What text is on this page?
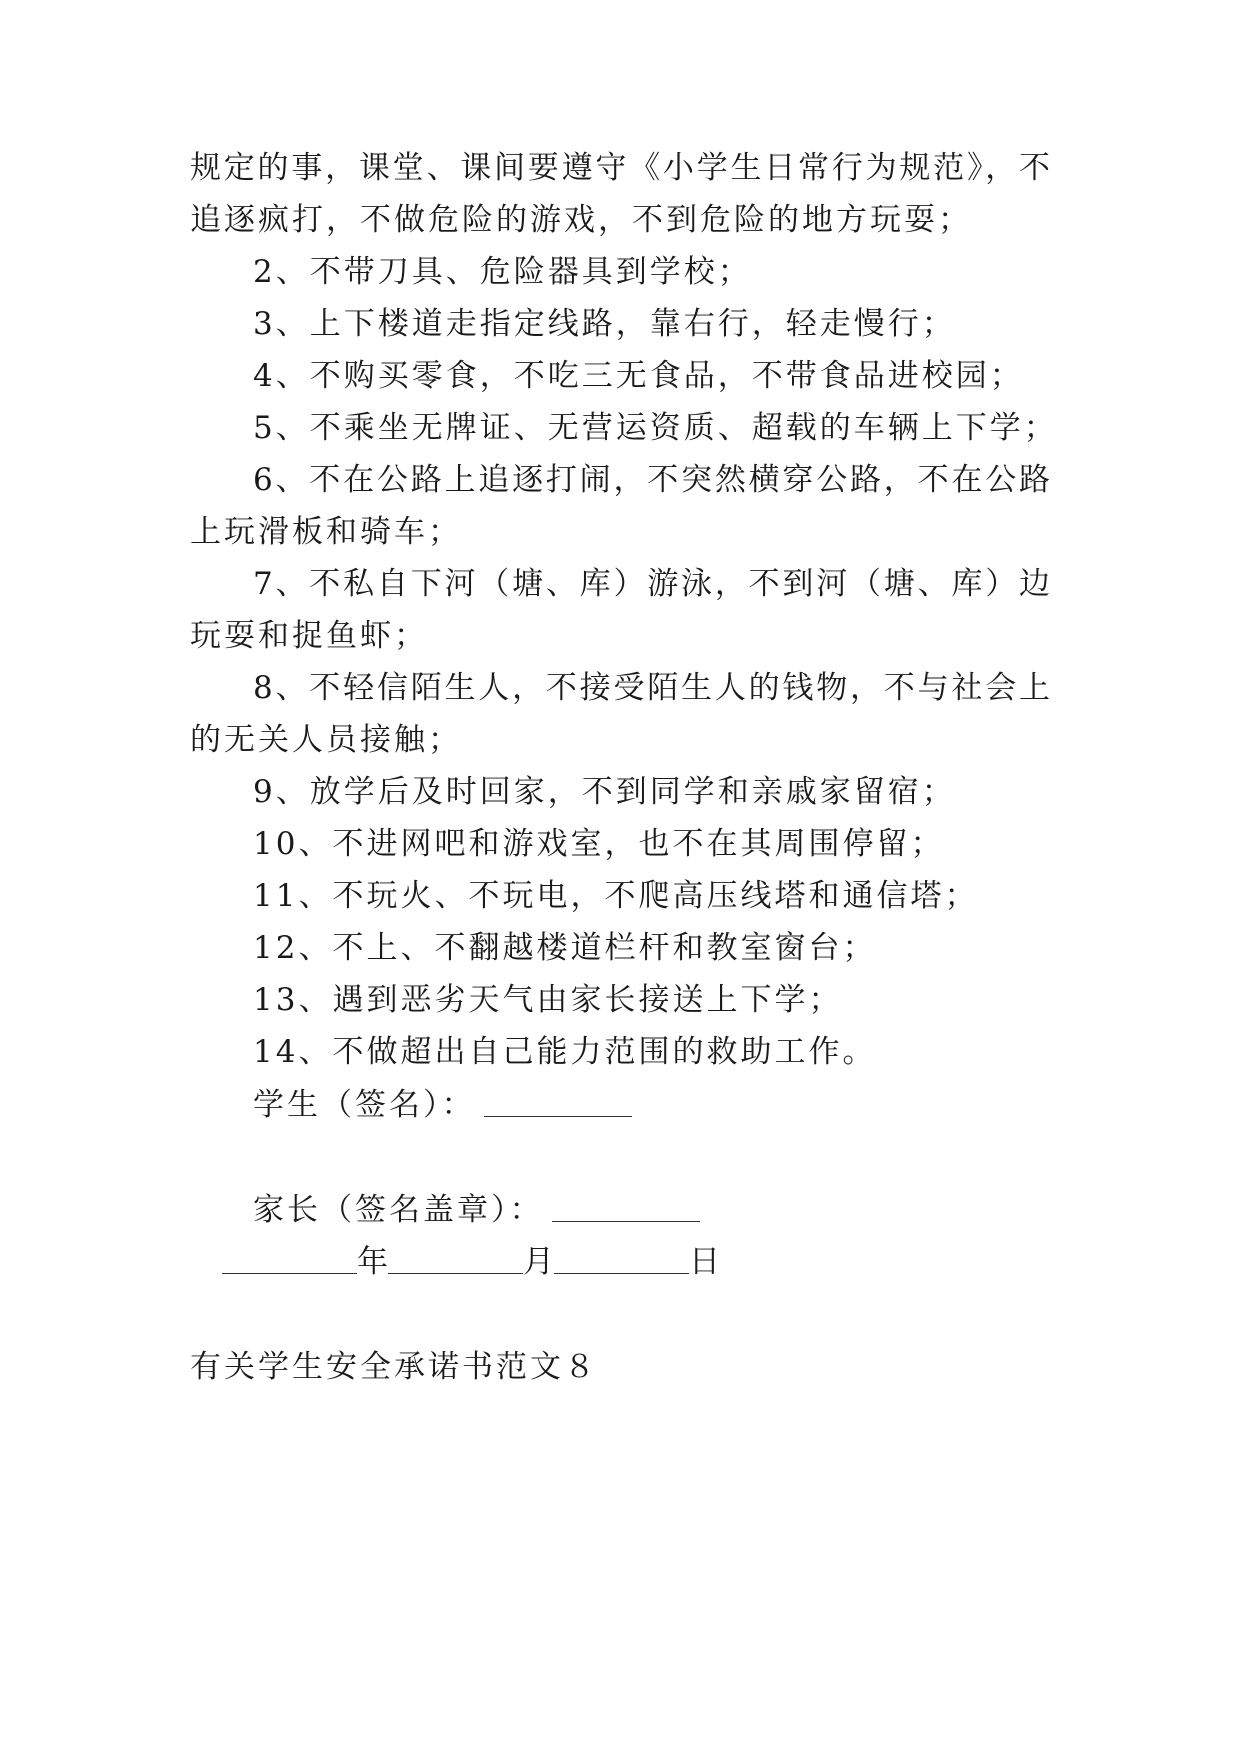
规定的事，课堂、课间要遵守《小学生日常行为规范》，不
追逐疯打，不做危险的游戏，不到危险的地方玩耍；
2、不带刀具、危险器具到学校；
3、上下楼道走指定线路，靠右行，轻走慢行；
4、不购买零食，不吃三无食品，不带食品进校园；
5、不乘坐无牌证、无营运资质、超载的车辆上下学；
6、不在公路上追逐打闹，不突然横穿公路，不在公路
上玩滑板和骑车；
7、不私自下河（塘、库）游泳，不到河（塘、库）边
玩耍和捉鱼虾；
8、不轻信陌生人，不接受陌生人的钱物，不与社会上
的无关人员接触；
9、放学后及时回家，不到同学和亲戚家留宿；
10、不进网吧和游戏室，也不在其周围停留；
11、不玩火、不玩电，不爬高压线塔和通信塔；
12、不上、不翻越楼道栏杆和教室窗台；
13、遇到恶劣天气由家长接送上下学；
14、不做超出自己能力范围的救助工作。
学生（签名）：
家长（签名盖章）：
年	月	日
有关学生安全承诺书范文８
